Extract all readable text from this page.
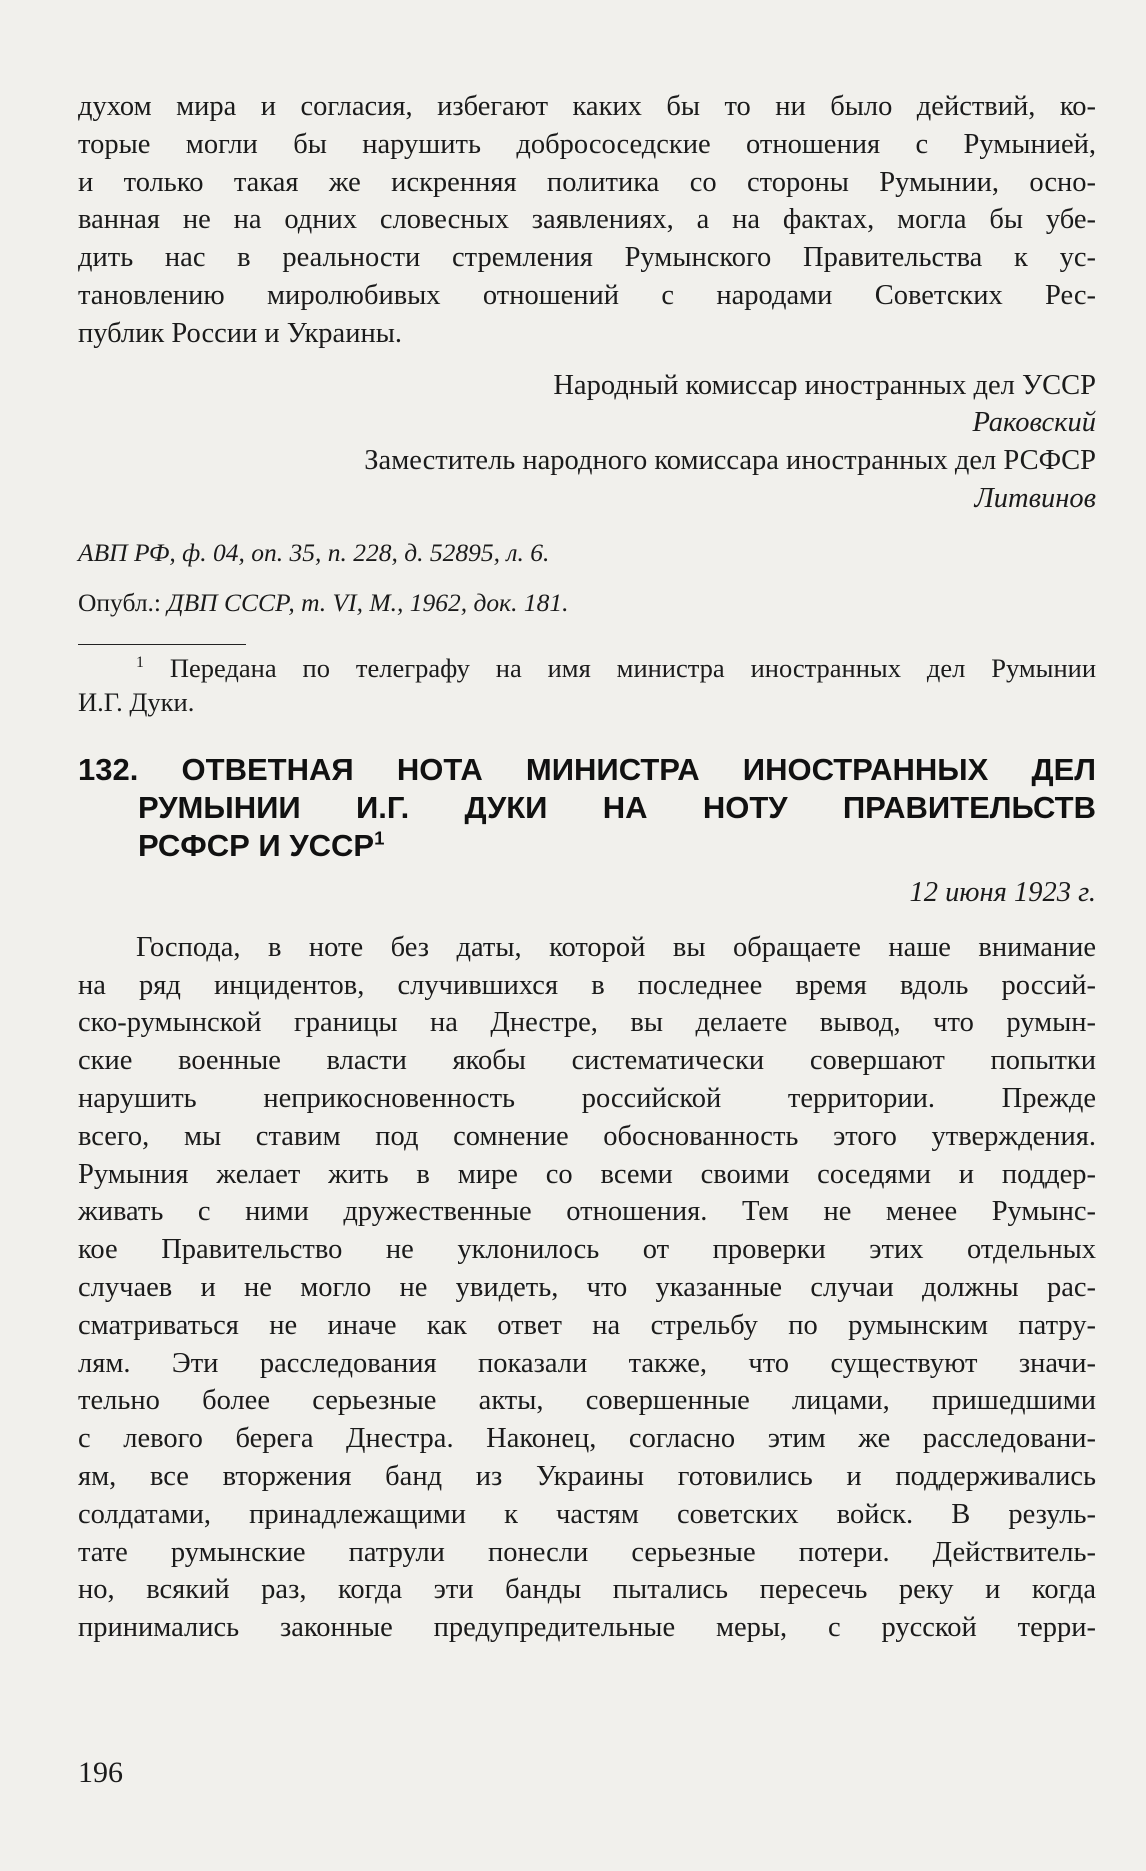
духом мира и согласия, избегают каких бы то ни было действий, ко-
торые могли бы нарушить добрососедские отношения с Румынией,
и только такая же искренняя политика со стороны Румынии, осно-
ванная не на одних словесных заявлениях, а на фактах, могла бы убе-
дить нас в реальности стремления Румынского Правительства к ус-
тановлению миролюбивых отношений с народами Советских Рес-
публик России и Украины.

Народный комиссар иностранных дел УССР

Раковский

Заместитель народного комиссара иностранных дел РСФСР

Литвинов

АВП РФ, ф. 04, оп. 35, п. 228, д. 52895, л. 6.

Опубл.: ДВП СССР, т. VI, М., 1962, док. 181.

$^1$ Передана по телеграфу на имя министра иностранных дел Румынии
И.Г. Дуки.
132. ОТВЕТНАЯ НОТА МИНИСТРА ИНОСТРАННЫХ ДЕЛ
РУМЫНИИ И.Г. ДУКИ НА НОТУ ПРАВИТЕЛЬСТВ
РСФСР И УССР$^1$

12 июня 1923 г.

Господа, в ноте без даты, которой вы обращаете наше внимание
на ряд инцидентов, случившихся в последнее время вдоль россий-
ско-румынской границы на Днестре, вы делаете вывод, что румын-
ские военные власти якобы систематически совершают попытки
нарушить неприкосновенность российской территории. Прежде
всего, мы ставим под сомнение обоснованность этого утверждения.
Румыния желает жить в мире со всеми своими соседями и поддер-
живать с ними дружественные отношения. Тем не менее Румынс-
кое Правительство не уклонилось от проверки этих отдельных
случаев и не могло не увидеть, что указанные случаи должны рас-
сматриваться не иначе как ответ на стрельбу по румынским патру-
лям. Эти расследования показали также, что существуют значи-
тельно более серьезные акты, совершенные лицами, пришедшими
с левого берега Днестра. Наконец, согласно этим же расследовани-
ям, все вторжения банд из Украины готовились и поддерживались
солдатами, принадлежащими к частям советских войск. В резуль-
тате румынские патрули понесли серьезные потери. Действитель-
но, всякий раз, когда эти банды пытались пересечь реку и когда
принимались законные предупредительные меры, с русской терри-
196
